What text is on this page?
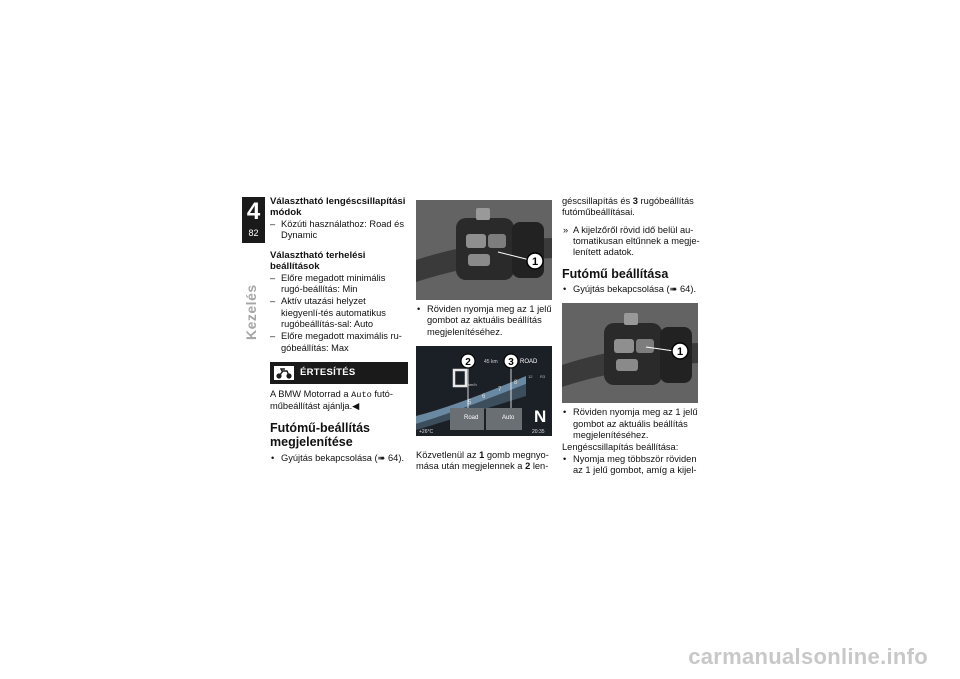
4
82
Kezelés
Választható lengéscsillapítási módok
– Közúti használathoz: Road és Dynamic
Választható terhelési beállítások
– Előre megadott minimális rugó-beállítás: Min
– Aktív utazási helyzet kiegyenlí-tés automatikus rugóbeállítás-sal: Auto
– Előre megadott maximális ru-góbeállítás: Max
ÉRTESÍTÉS

A BMW Motorrad a Auto futó-műbeállítást ajánlja.◀

Futómű-beállítás megjelenítése
• Gyújtás bekapcsolása (➠ 64).
1
• Röviden nyomja meg az 1 jelű gombot az aktuális beállítás megjelenítéséhez.
km/h
5
6
7
8
12 R3
45 km	ROAD
2	3
Road	Auto N
+26°C	20:35

Közvetlenül az 1 gomb megnyo-mása után megjelennek a 2 len-

géscsillapítás és 3 rugóbeállítás futóműbeállításai.

» A kijelzőről rövid idő belül au-tomatikusan eltűnnek a megje-lenített adatok.
Futómű beállítása
• Gyújtás bekapcsolása (➠ 64).
1
• Röviden nyomja meg az 1 jelű gombot az aktuális beállítás megjelenítéséhez.

Lengéscsillapítás beállítása:

• Nyomja meg többször röviden az 1 jelű gombot, amíg a kijel-
carmanualsonline.info
